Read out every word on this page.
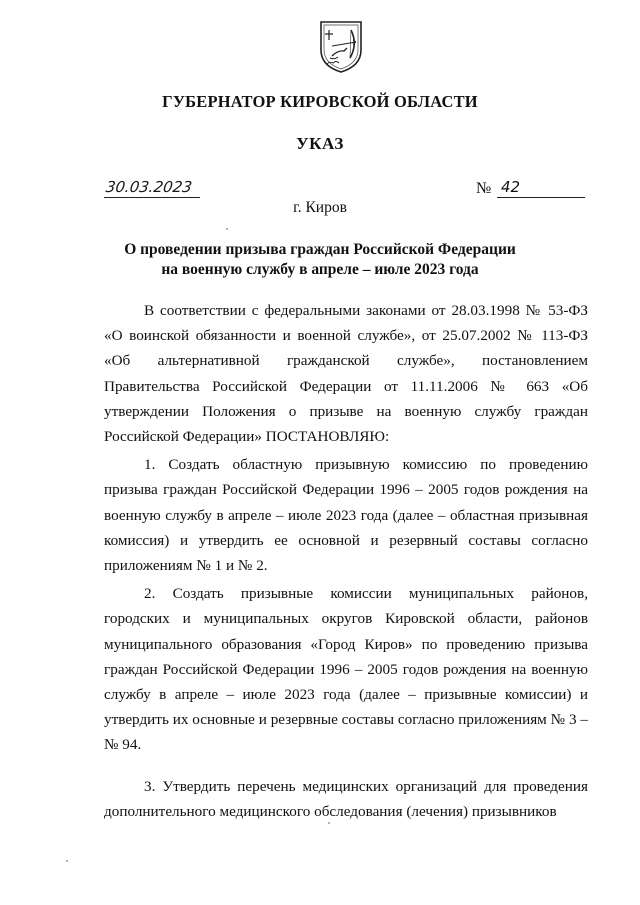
ГУБЕРНАТОР КИРОВСКОЙ ОБЛАСТИ
УКАЗ
30.03.2023	№ 42
г. Киров
О проведении призыва граждан Российской Федерации
на военную службу в апреле – июле 2023 года

В соответствии с федеральными законами от 28.03.1998 № 53-ФЗ «О воинской обязанности и военной службе», от 25.07.2002 № 113-ФЗ «Об альтернативной гражданской службе», постановлением Правительства Российской Федерации от 11.11.2006 № 663 «Об утверждении Положения о призыве на военную службу граждан Российской Федерации» ПОСТАНОВЛЯЮ:

1. Создать областную призывную комиссию по проведению призыва граждан Российской Федерации 1996 – 2005 годов рождения на военную службу в апреле – июле 2023 года (далее – областная призывная комиссия) и утвердить ее основной и резервный составы согласно приложениям № 1 и № 2.

2. Создать призывные комиссии муниципальных районов, городских и муниципальных округов Кировской области, районов муниципального образования «Город Киров» по проведению призыва граждан Российской Федерации 1996 – 2005 годов рождения на военную службу в апреле – июле 2023 года (далее – призывные комиссии) и утвердить их основные и резервные составы согласно приложениям № 3 – № 94.

3. Утвердить перечень медицинских организаций для проведения дополнительного медицинского обследования (лечения) призывников
